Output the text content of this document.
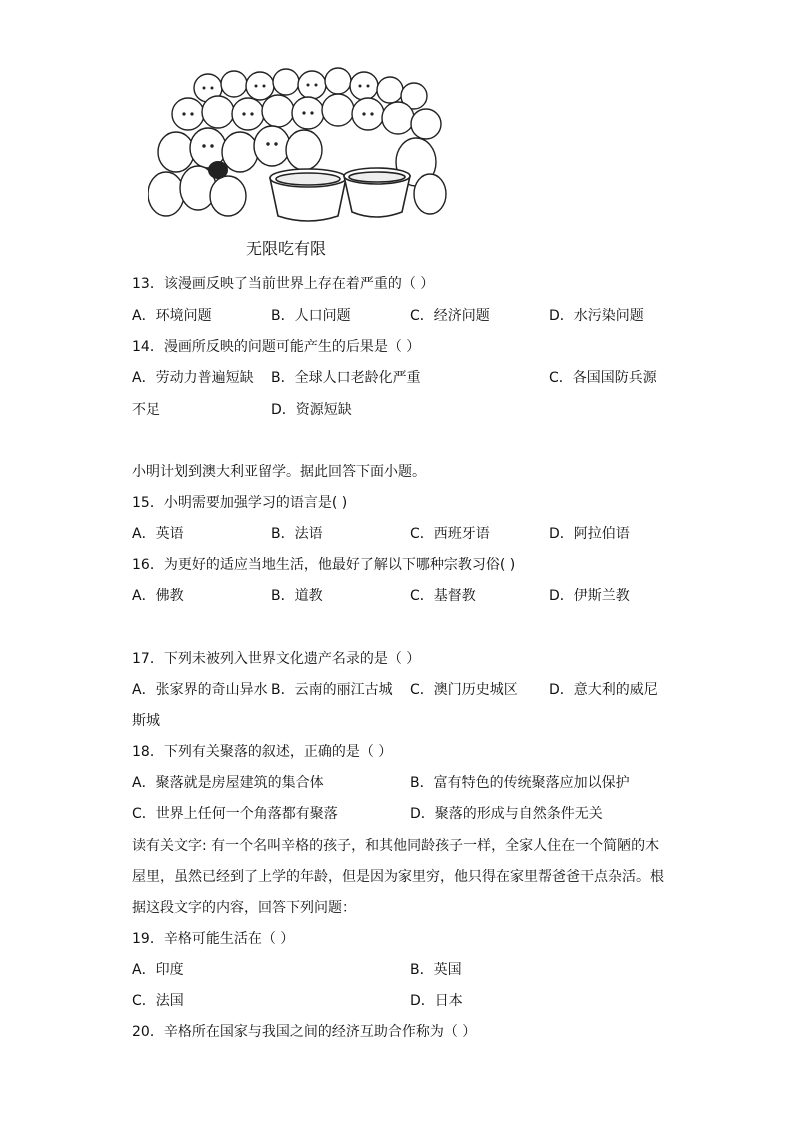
无限吃有限
13．该漫画反映了当前世界上存在着严重的（ ）
A．环境问题	B．人口问题	C．经济问题	D．水污染问题
14．漫画所反映的问题可能产生的后果是（ ）
A．劳动力普遍短缺 B．全球人口老龄化严重	C．各国国防兵源
不足	D．资源短缺
小明计划到澳大利亚留学。据此回答下面小题。
15．小明需要加强学习的语言是( )
A．英语	B．法语	C．西班牙语	D．阿拉伯语
16．为更好的适应当地生活，他最好了解以下哪种宗教习俗( )
A．佛教	B．道教	C．基督教	D．伊斯兰教
17．下列未被列入世界文化遗产名录的是（ ）
A．张家界的奇山异水 B．云南的丽江古城 C．澳门历史城区 D．意大利的威尼
斯城
18．下列有关聚落的叙述，正确的是（ ）
A．聚落就是房屋建筑的集合体	B．富有特色的传统聚落应加以保护
C．世界上任何一个角落都有聚落	D．聚落的形成与自然条件无关
读有关文字: 有一个名叫辛格的孩子，和其他同龄孩子一样，全家人住在一个简陋的木
屋里，虽然已经到了上学的年龄，但是因为家里穷，他只得在家里帮爸爸干点杂活。根
据这段文字的内容，回答下列问题：
19．辛格可能生活在（ ）
A．印度	B．英国
C．法国	D．日本
20．辛格所在国家与我国之间的经济互助合作称为（ ）
